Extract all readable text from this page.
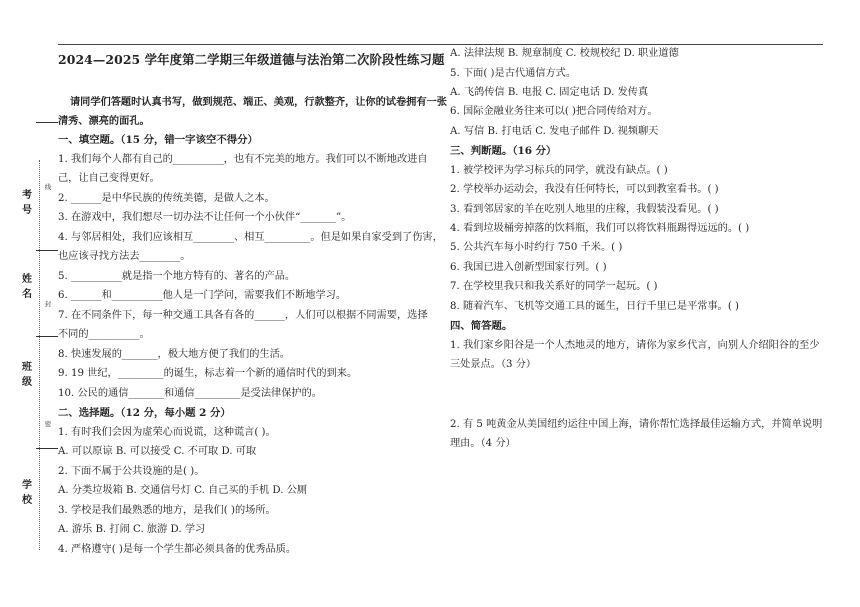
考号
姓名
班级
学校
线
封
密
2024—2025 学年度第二学期三年级道德与法治第二次阶段性练习题
请同学们答题时认真书写，做到规范、端正、美观，行款整齐，让你的试卷拥有一张
清秀、漂亮的面孔。
一、填空题。（15 分，错一字该空不得分）
1. 我们每个人都有自己的__________，也有不完美的地方。我们可以不断地改进自
己，让自己变得更好。
2. ______是中华民族的传统美德，是做人之本。
3. 在游戏中，我们想尽一切办法不让任何一个小伙伴“_______”。
4. 与邻居相处，我们应该相互________、相互_________。但是如果自家受到了伤害，
也应该寻找方法去________。
5. __________就是指一个地方特有的、著名的产品。
6. ______和__________他人是一门学问，需要我们不断地学习。
7. 在不同条件下，每一种交通工具各有各的______，人们可以根据不同需要，选择
不同的__________。
8. 快速发展的_______，极大地方便了我们的生活。
9. 19 世纪，_________的诞生，标志着一个新的通信时代的到来。
10. 公民的通信_______和通信_________是受法律保护的。
二、选择题。（12 分，每小题 2 分）
1. 有时我们会因为虚荣心而说谎，这种谎言( )。
A. 可以原谅 B. 可以接受 C. 不可取 D. 可取
2. 下面不属于公共设施的是( )。
A. 分类垃圾箱 B. 交通信号灯 C. 自己买的手机 D. 公厕
3. 学校是我们最熟悉的地方，是我们( )的场所。
A. 游乐 B. 打闹 C. 旅游 D. 学习
4. 严格遵守( )是每一个学生都必须具备的优秀品质。
A. 法律法规 B. 规章制度 C. 校规校纪 D. 职业道德
5. 下面( )是古代通信方式。
A. 飞鸽传信 B. 电报 C. 固定电话 D. 发传真
6. 国际金融业务往来可以( )把合同传给对方。
A. 写信 B. 打电话 C. 发电子邮件 D. 视频聊天
三、判断题。（16 分）
1. 被学校评为学习标兵的同学，就没有缺点。( )
2. 学校举办运动会，我没有任何特长，可以到教室看书。( )
3. 看到邻居家的羊在吃别人地里的庄稼，我假装没看见。( )
4. 看到垃圾桶旁掉落的饮料瓶，我们可以将饮料瓶踢得远远的。( )
5. 公共汽车每小时约行 750 千米。( )
6. 我国已进入创新型国家行列。( )
7. 在学校里我只和我关系好的同学一起玩。( )
8. 随着汽车、飞机等交通工具的诞生，日行千里已是平常事。( )
四、简答题。
1. 我们家乡阳谷是一个人杰地灵的地方，请你为家乡代言，向别人介绍阳谷的至少
三处景点。（3 分）
2. 有 5 吨黄金从美国纽约运往中国上海，请你帮忙选择最佳运输方式，并简单说明
理由。（4 分）
